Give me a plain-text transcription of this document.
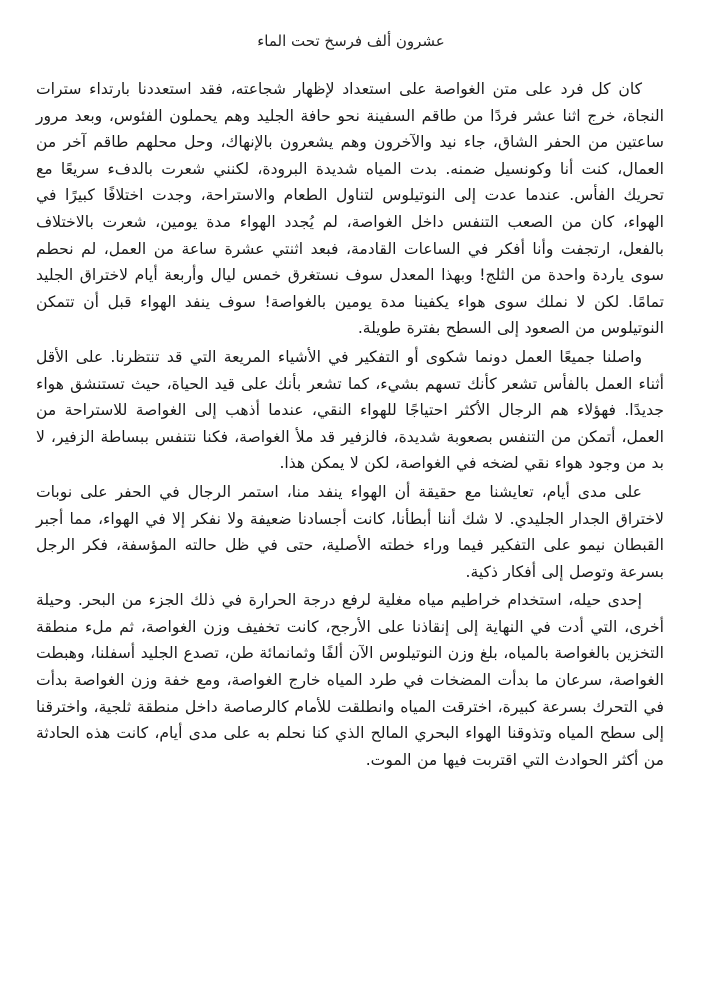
عشرون ألف فرسخ تحت الماء

كان كل فرد على متن الغواصة على استعداد لإظهار شجاعته، فقد استعددنا بارتداء سترات النجاة، خرج اثنا عشر فردًا من طاقم السفينة نحو حافة الجليد وهم يحملون الفئوس، وبعد مرور ساعتين من الحفر الشاق، جاء نيد والآخرون وهم يشعرون بالإنهاك، وحل محلهم طاقم آخر من العمال، كنت أنا وكونسيل ضمنه. بدت المياه شديدة البرودة، لكنني شعرت بالدفء سريعًا مع تحريك الفأس. عندما عدت إلى النوتيلوس لتناول الطعام والاستراحة، وجدت اختلافًا كبيرًا في الهواء، كان من الصعب التنفس داخل الغواصة، لم يُجدد الهواء مدة يومين، شعرت بالاختلاف بالفعل، ارتجفت وأنا أفكر في الساعات القادمة، فبعد اثنتي عشرة ساعة من العمل، لم نحطم سوى ياردة واحدة من الثلج! وبهذا المعدل سوف نستغرق خمس ليال وأربعة أيام لاختراق الجليد تمامًا. لكن لا نملك سوى هواء يكفينا مدة يومين بالغواصة! سوف ينفد الهواء قبل أن تتمكن النوتيلوس من الصعود إلى السطح بفترة طويلة.

واصلنا جميعًا العمل دونما شكوى أو التفكير في الأشياء المريعة التي قد تنتظرنا. على الأقل أثناء العمل بالفأس تشعر كأنك تسهم بشيء، كما تشعر بأنك على قيد الحياة، حيث تستنشق هواء جديدًا. فهؤلاء هم الرجال الأكثر احتياجًا للهواء النقي، عندما أذهب إلى الغواصة للاستراحة من العمل، أتمكن من التنفس بصعوبة شديدة، فالزفير قد ملأ الغواصة، فكنا نتنفس ببساطة الزفير، لا بد من وجود هواء نقي لضخه في الغواصة، لكن لا يمكن هذا.

على مدى أيام، تعايشنا مع حقيقة أن الهواء ينفد منا، استمر الرجال في الحفر على نوبات لاختراق الجدار الجليدي. لا شك أننا أبطأنا، كانت أجسادنا ضعيفة ولا نفكر إلا في الهواء، مما أجبر القبطان نيمو على التفكير فيما وراء خطته الأصلية، حتى في ظل حالته المؤسفة، فكر الرجل بسرعة وتوصل إلى أفكار ذكية.

إحدى حيله، استخدام خراطيم مياه مغلية لرفع درجة الحرارة في ذلك الجزء من البحر. وحيلة أخرى، التي أدت في النهاية إلى إنقاذنا على الأرجح، كانت تخفيف وزن الغواصة، ثم ملء منطقة التخزين بالغواصة بالمياه، بلغ وزن النوتيلوس الآن ألفًا وثمانمائة طن، تصدع الجليد أسفلنا، وهبطت الغواصة، سرعان ما بدأت المضخات في طرد المياه خارج الغواصة، ومع خفة وزن الغواصة بدأت في التحرك بسرعة كبيرة، اخترقت المياه وانطلقت للأمام كالرصاصة داخل منطقة ثلجية، واخترقنا إلى سطح المياه وتذوقنا الهواء البحري المالح الذي كنا نحلم به على مدى أيام، كانت هذه الحادثة من أكثر الحوادث التي اقتربت فيها من الموت.
